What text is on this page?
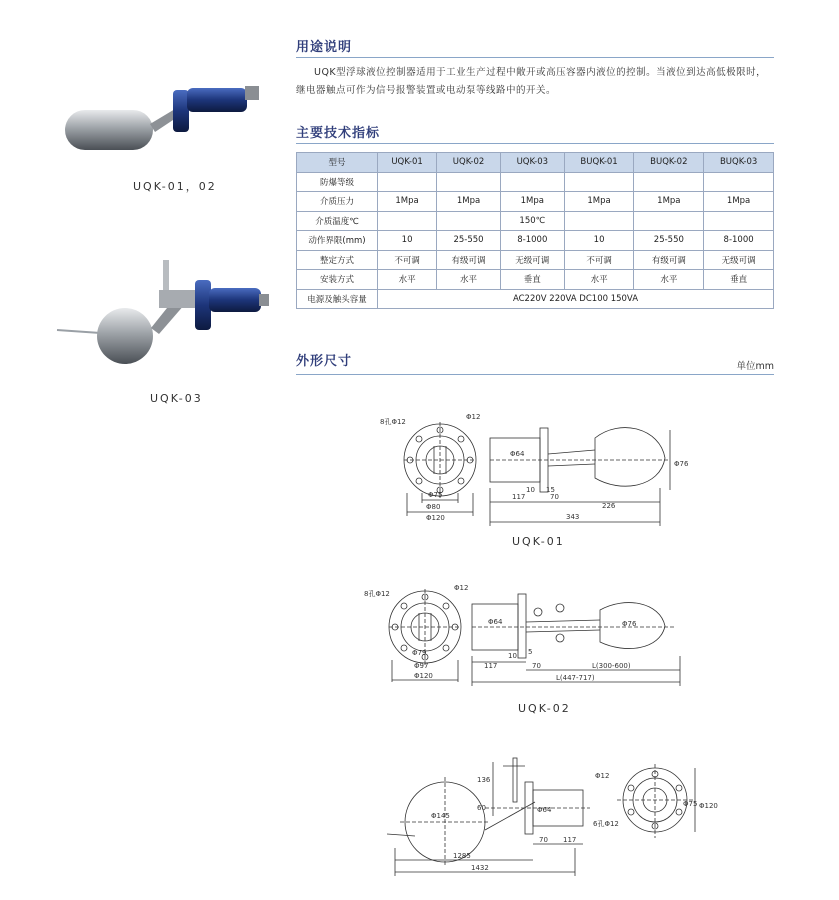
用途说明
UQK型浮球液位控制器适用于工业生产过程中敞开或高压容器内液位的控制。当液位到达高低极限时，继电器触点可作为信号报警装置或电动泵等线路中的开关。
主要技术指标
型号	UQK-01	UQK-02	UQK-03	BUQK-01	BUQK-02	BUQK-03
防爆等级						
介质压力	1Mpa	1Mpa	1Mpa	1Mpa	1Mpa	1Mpa
介质温度℃			150℃			
动作界限(mm)	10	25-550	8-1000	10	25-550	8-1000
整定方式	不可调	有级可调	无级可调	不可调	有级可调	无级可调
安装方式	水平	水平	垂直	水平	水平	垂直
电源及触头容量	AC220V 220VA DC100 150VA					
外形尺寸	单位mm
UQK-01，02
UQK-03
8孔Φ12
Φ12
Φ75
Φ80
Φ120
Φ64
Φ76
10 15
117	70
226
343
UQK-01
8孔Φ12
Φ12
Φ79
Φ97
Φ120
Φ64	Φ76
10 5
117	70	L(300-600)
L(447-717)
UQK-02
Φ12
Φ145
Φ120
Φ75
6孔Φ12
Φ64
70 117
1285
1432
136
60
